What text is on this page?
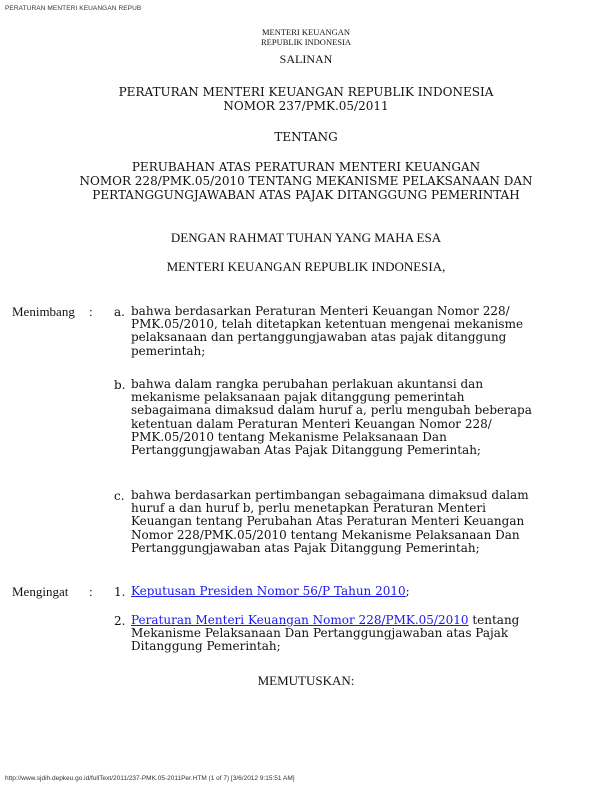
PERATURAN MENTERI KEUANGAN REPUB
MENTERI KEUANGAN
REPUBLIK INDONESIA
SALINAN
PERATURAN MENTERI KEUANGAN REPUBLIK INDONESIA
NOMOR 237/PMK.05/2011
TENTANG
PERUBAHAN ATAS PERATURAN MENTERI KEUANGAN
NOMOR 228/PMK.05/2010 TENTANG MEKANISME PELAKSANAAN DAN
PERTANGGUNGJAWABAN ATAS PAJAK DITANGGUNG PEMERINTAH
DENGAN RAHMAT TUHAN YANG MAHA ESA
MENTERI KEUANGAN REPUBLIK INDONESIA,
Menimbang : a. bahwa berdasarkan Peraturan Menteri Keuangan Nomor 228/
PMK.05/2010, telah ditetapkan ketentuan mengenai mekanisme
pelaksanaan dan pertanggungjawaban atas pajak ditanggung
pemerintah;
b. bahwa dalam rangka perubahan perlakuan akuntansi dan
mekanisme pelaksanaan pajak ditanggung pemerintah
sebagaimana dimaksud dalam huruf a, perlu mengubah beberapa
ketentuan dalam Peraturan Menteri Keuangan Nomor 228/
PMK.05/2010 tentang Mekanisme Pelaksanaan Dan
Pertanggungjawaban Atas Pajak Ditanggung Pemerintah;
c. bahwa berdasarkan pertimbangan sebagaimana dimaksud dalam
huruf a dan huruf b, perlu menetapkan Peraturan Menteri
Keuangan tentang Perubahan Atas Peraturan Menteri Keuangan
Nomor 228/PMK.05/2010 tentang Mekanisme Pelaksanaan Dan
Pertanggungjawaban atas Pajak Ditanggung Pemerintah;
Mengingat : 1. Keputusan Presiden Nomor 56/P Tahun 2010;
2. Peraturan Menteri Keuangan Nomor 228/PMK.05/2010 tentang
Mekanisme Pelaksanaan Dan Pertanggungjawaban atas Pajak
Ditanggung Pemerintah;
MEMUTUSKAN:
http://www.sjdih.depkeu.go.id/fullText/2011/237-PMK.05-2011Per.HTM (1 of 7) [3/6/2012 9:15:51 AM]
